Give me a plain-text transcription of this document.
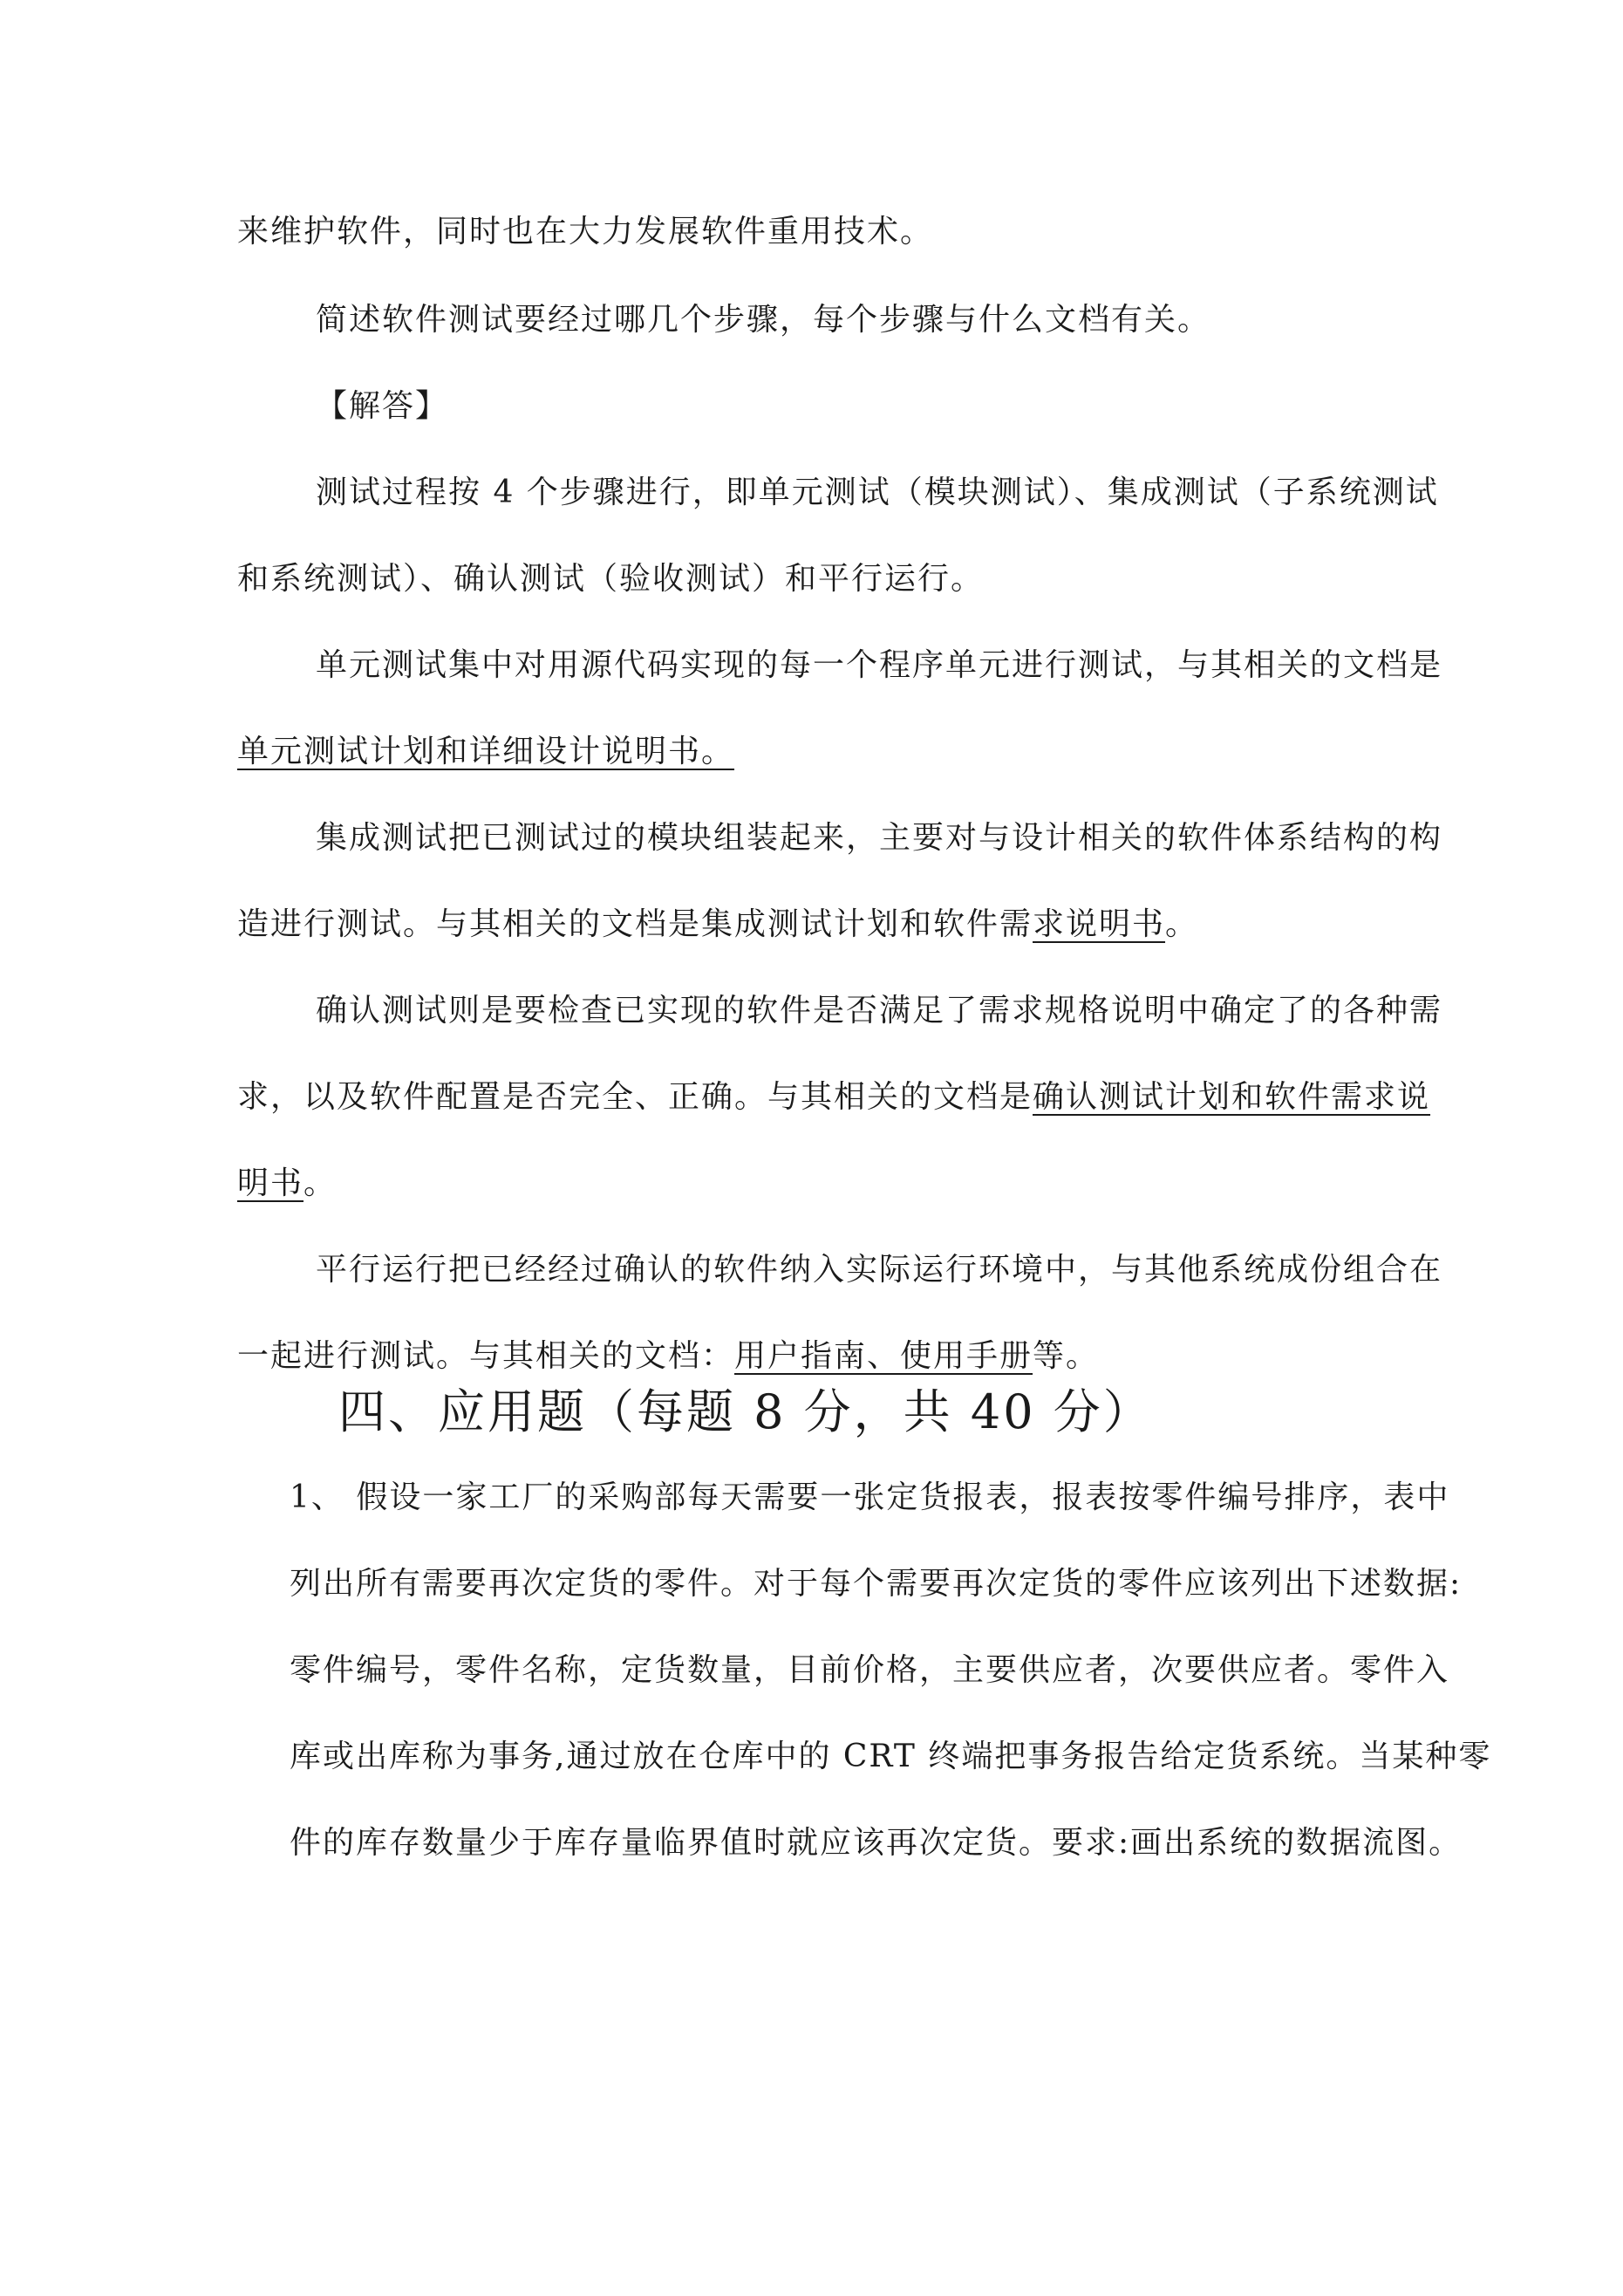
来维护软件，同时也在大力发展软件重用技术。
简述软件测试要经过哪几个步骤，每个步骤与什么文档有关。
【解答】
测试过程按 4 个步骤进行，即单元测试（模块测试）、集成测试（子系统测试
和系统测试）、确认测试（验收测试）和平行运行。
单元测试集中对用源代码实现的每一个程序单元进行测试，与其相关的文档是
单元测试计划和详细设计说明书。
集成测试把已测试过的模块组装起来，主要对与设计相关的软件体系结构的构
造进行测试。与其相关的文档是集成测试计划和软件需求说明书。
确认测试则是要检查已实现的软件是否满足了需求规格说明中确定了的各种需
求，以及软件配置是否完全、正确。与其相关的文档是确认测试计划和软件需求说
明书。
平行运行把已经经过确认的软件纳入实际运行环境中，与其他系统成份组合在
一起进行测试。与其相关的文档：用户指南、使用手册等。
四、应用题（每题 8 分，共 40 分）
1、 假设一家工厂的采购部每天需要一张定货报表，报表按零件编号排序，表中
列出所有需要再次定货的零件。对于每个需要再次定货的零件应该列出下述数据:
零件编号，零件名称，定货数量，目前价格，主要供应者，次要供应者。零件入
库或出库称为事务,通过放在仓库中的 CRT 终端把事务报告给定货系统。当某种零
件的库存数量少于库存量临界值时就应该再次定货。要求:画出系统的数据流图。
